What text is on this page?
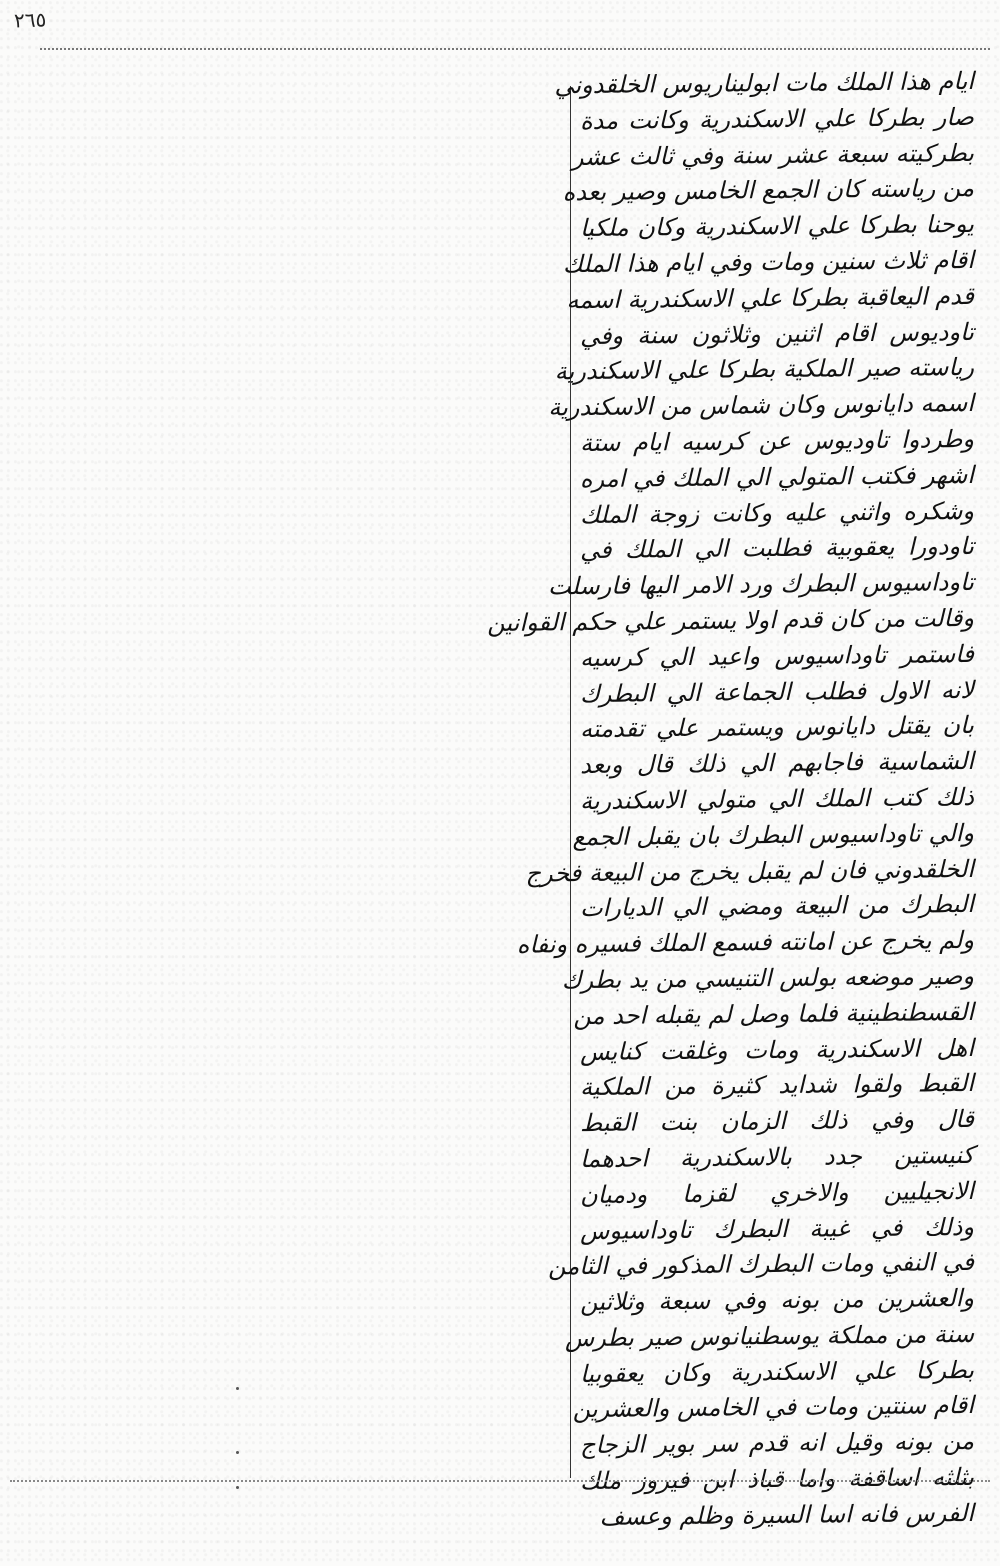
٢٦٥
ايام هذا الملك مات ابوليناريوس الخلقدوني
صار بطركا علي الاسكندرية وكانت مدة
بطركيته سبعة عشر سنة وفي ثالث عشر
من رياسته كان الجمع الخامس وصير بعده
يوحنا بطركا علي الاسكندرية وكان ملكيا
اقام ثلاث سنين ومات وفي ايام هذا الملك
قدم اليعاقبة بطركا علي الاسكندرية اسمه
تاوديوس اقام اثنين وثلاثون سنة وفي
رياسته صير الملكية بطركا علي الاسكندرية
اسمه دايانوس وكان شماس من الاسكندرية
وطردوا تاوديوس عن كرسيه ايام ستة
اشهر فكتب المتولي الي الملك في امره
وشكره واثني عليه وكانت زوجة الملك
تاودورا يعقوبية فطلبت الي الملك في
تاوداسيوس البطرك ورد الامر اليها فارسلت
وقالت من كان قدم اولا يستمر علي حكم القوانين
فاستمر تاوداسيوس واعيد الي كرسيه
لانه الاول فطلب الجماعة الي البطرك
بان يقتل دايانوس ويستمر علي تقدمته
الشماسية فاجابهم الي ذلك قال وبعد
ذلك كتب الملك الي متولي الاسكندرية
والي تاوداسيوس البطرك بان يقبل الجمع
الخلقدوني فان لم يقبل يخرج من البيعة فخرج
البطرك من البيعة ومضي الي الديارات
ولم يخرج عن امانته فسمع الملك فسيره ونفاه
وصير موضعه بولس التنيسي من يد بطرك
القسطنطينية فلما وصل لم يقبله احد من
اهل الاسكندرية ومات وغلقت كنايس
القبط ولقوا شدايد كثيرة من الملكية
قال وفي ذلك الزمان بنت القبط
كنيستين جدد بالاسكندرية احدهما
الانجيليين والاخري لقزما ودميان
وذلك في غيبة البطرك تاوداسيوس
في النفي ومات البطرك المذكور في الثامن
والعشرين من بونه وفي سبعة وثلاثين
سنة من مملكة يوسطنيانوس صير بطرس
بطركا علي الاسكندرية وكان يعقوبيا
اقام سنتين ومات في الخامس والعشرين
من بونه وقيل انه قدم سر بوير الزجاج
بثلثه اساقفة واما قباذ ابن فيروز ملك
الفرس فانه اسا السيرة وظلم وعسف
